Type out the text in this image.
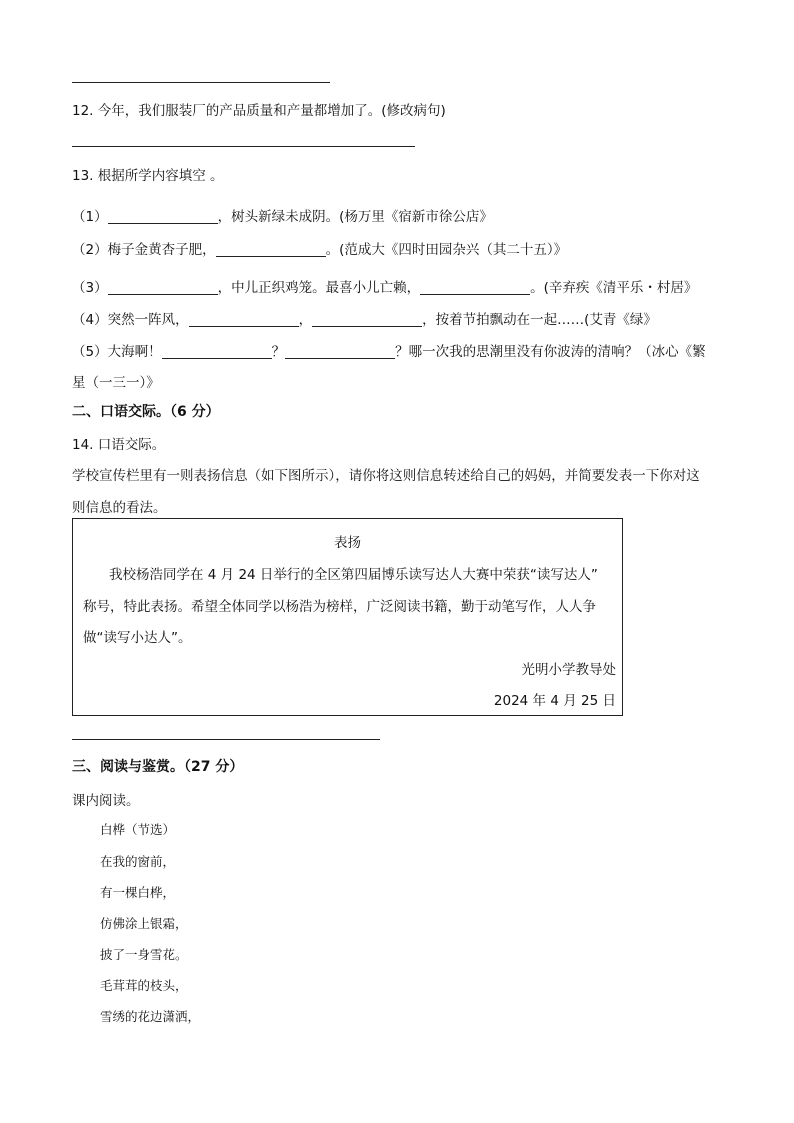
12. 今年，我们服装厂的产品质量和产量都增加了。(修改病句)
13. 根据所学内容填空 。
（1）	，树头新绿未成阴。(杨万里《宿新市徐公店》
（2）梅子金黄杏子肥，	。(范成大《四时田园杂兴（其二十五）》
（3）	，中儿正织鸡笼。最喜小儿亡赖，	。(辛弃疾《清平乐・村居》
（4）突然一阵风，	，	，按着节拍飘动在一起……(艾青《绿》
（5）大海啊！	？	？哪一次我的思潮里没有你波涛的清响？（冰心《繁
星（一三一）》
二、口语交际。（6 分）
14. 口语交际。
学校宣传栏里有一则表扬信息（如下图所示），请你将这则信息转述给自己的妈妈，并简要发表一下你对这
则信息的看法。
表扬
我校杨浩同学在 4 月 24 日举行的全区第四届博乐读写达人大赛中荣获“读写达人”
称号，特此表扬。希望全体同学以杨浩为榜样，广泛阅读书籍，勤于动笔写作，人人争
做“读写小达人”。
光明小学教导处
2024 年 4 月 25 日
三、阅读与鉴赏。（27 分）
课内阅读。
白桦（节选）
在我的窗前，
有一棵白桦，
仿佛涂上银霜，
披了一身雪花。
毛茸茸的枝头，
雪绣的花边潇洒，
